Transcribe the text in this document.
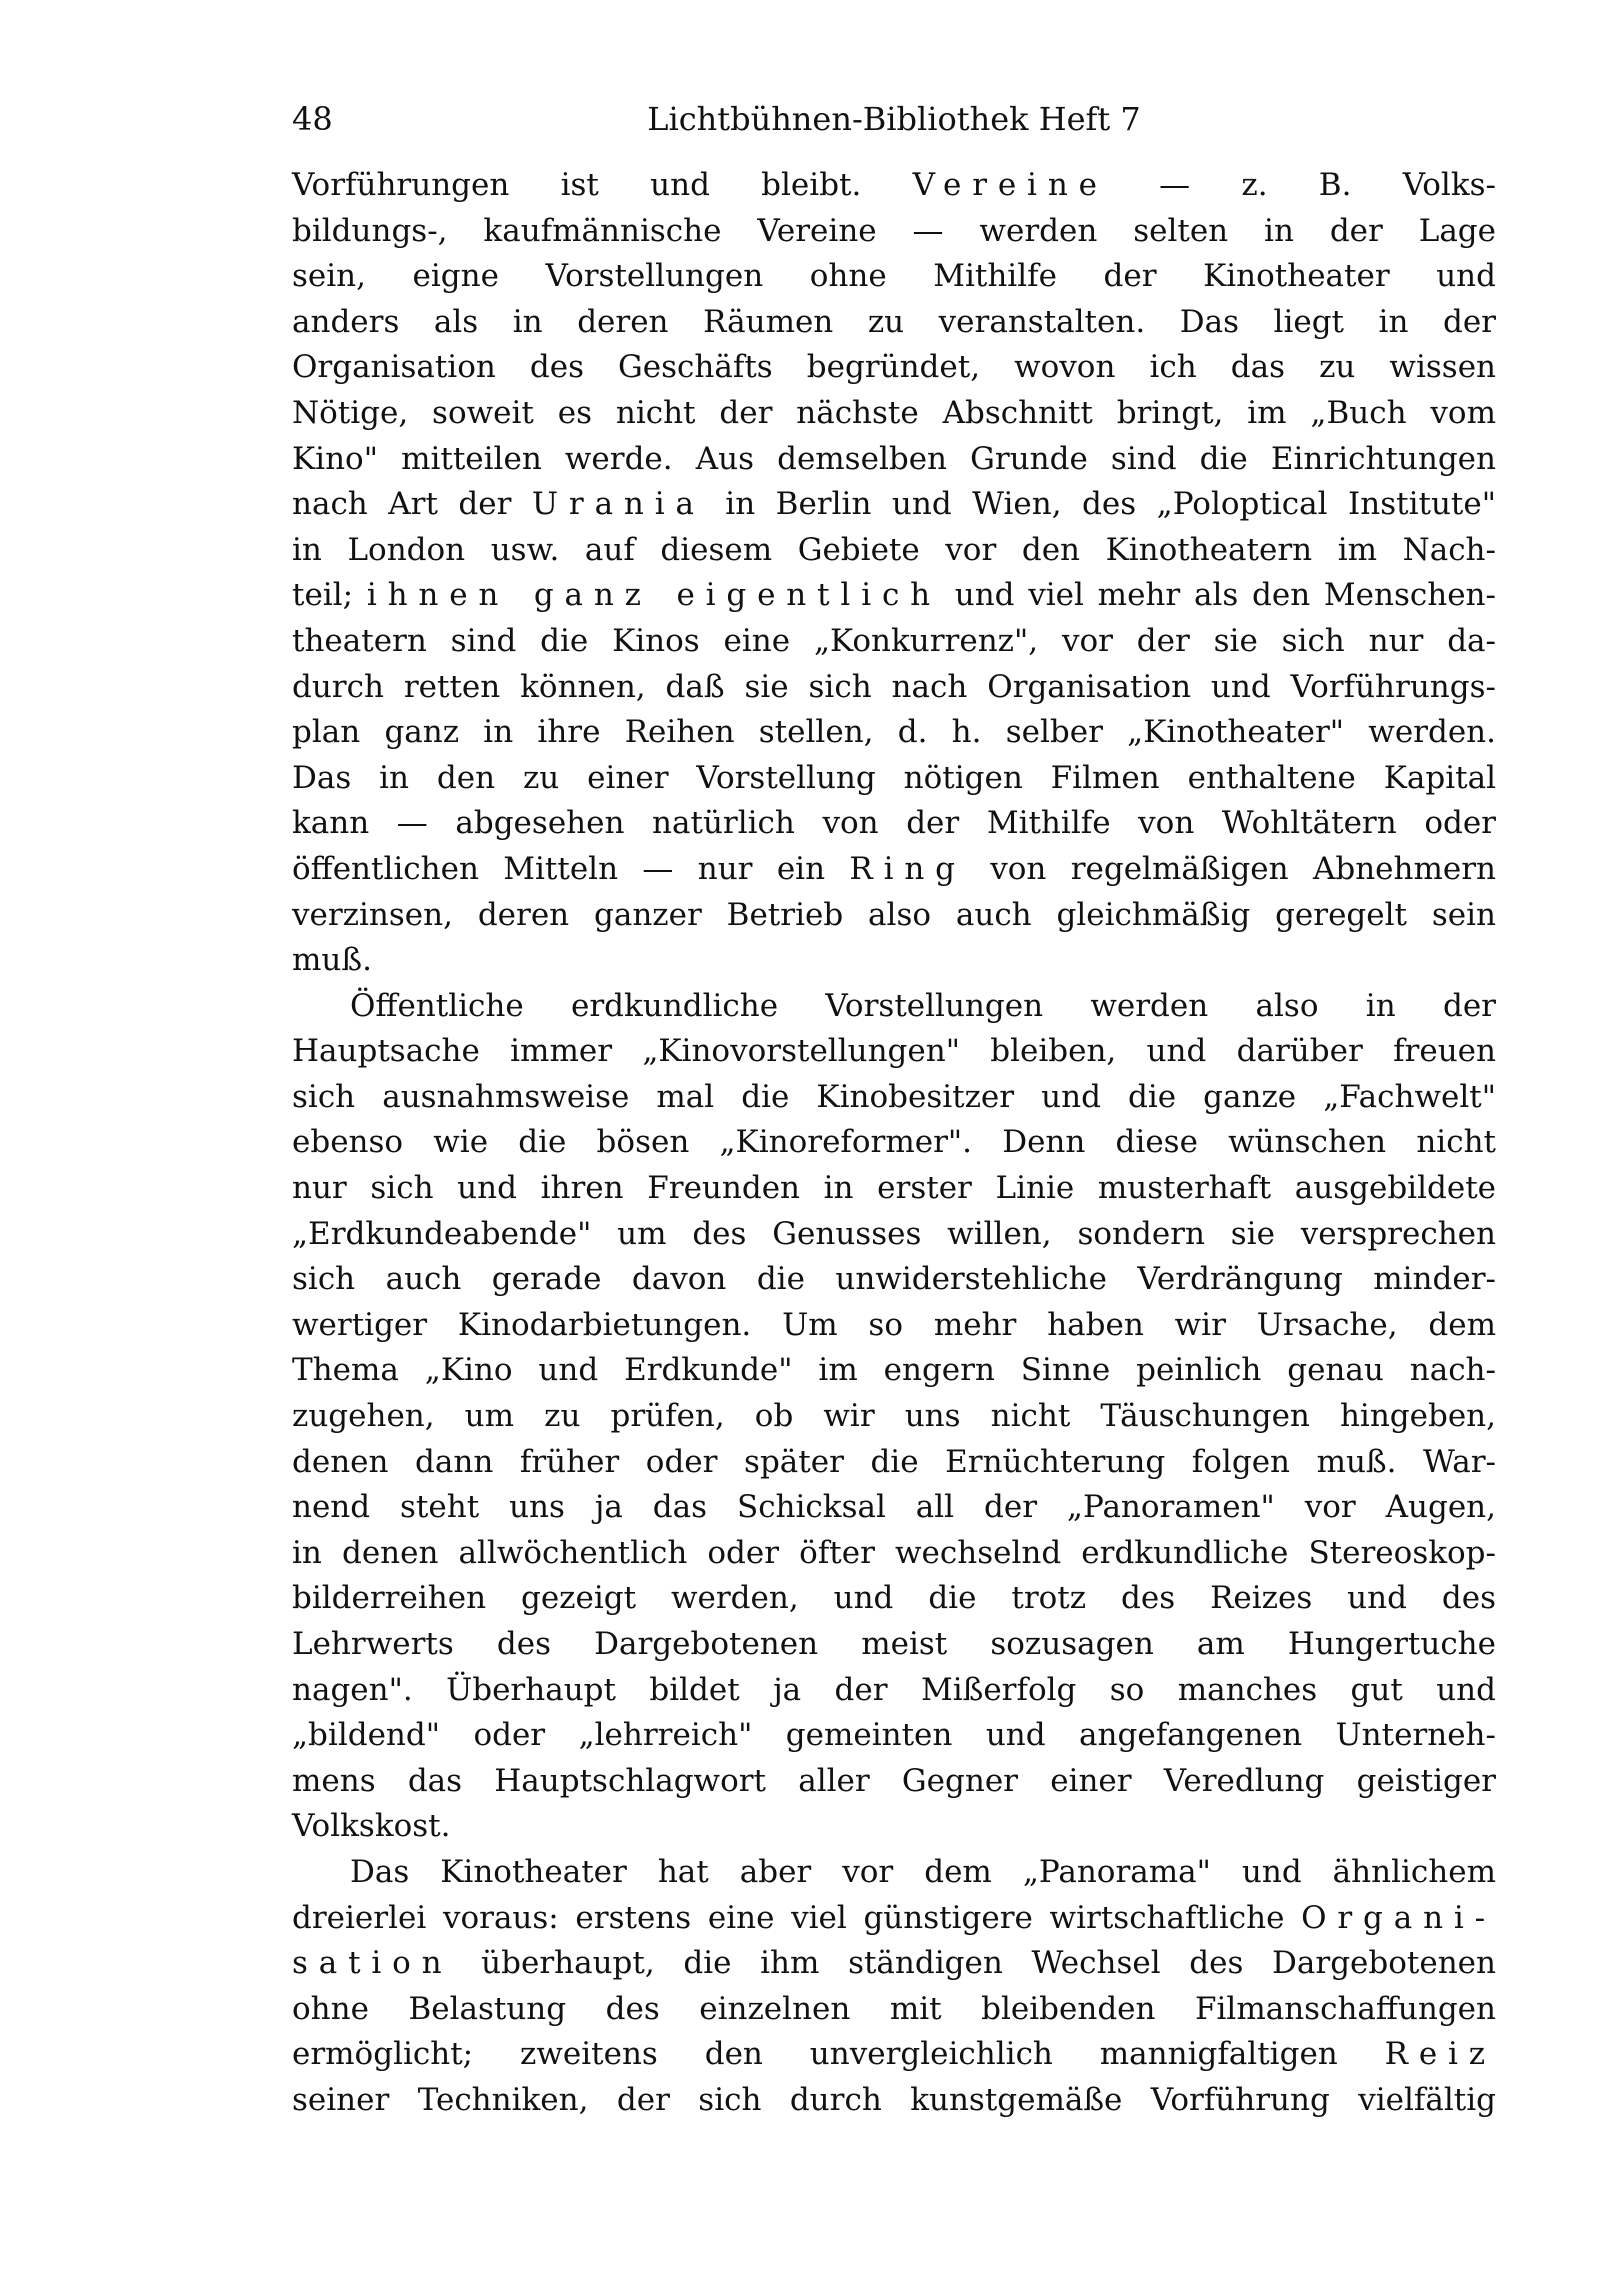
48	Lichtbühnen-Bibliothek Heft 7
Vorführungen ist und bleibt. Vereine — z. B. Volks-
bildungs-, kaufmännische Vereine — werden selten in der Lage
sein, eigne Vorstellungen ohne Mithilfe der Kinotheater und
anders als in deren Räumen zu veranstalten. Das liegt in der
Organisation des Geschäfts begründet, wovon ich das zu wissen
Nötige, soweit es nicht der nächste Abschnitt bringt, im „Buch vom
Kino" mitteilen werde. Aus demselben Grunde sind die Einrichtungen
nach Art der Urania in Berlin und Wien, des „Poloptical Institute"
in London usw. auf diesem Gebiete vor den Kinotheatern im Nach-
teil; ihnen ganz eigentlich und viel mehr als den Menschen-
theatern sind die Kinos eine „Konkurrenz", vor der sie sich nur da-
durch retten können, daß sie sich nach Organisation und Vorführungs-
plan ganz in ihre Reihen stellen, d. h. selber „Kinotheater" werden.
Das in den zu einer Vorstellung nötigen Filmen enthaltene Kapital
kann — abgesehen natürlich von der Mithilfe von Wohltätern oder
öffentlichen Mitteln — nur ein Ring von regelmäßigen Abnehmern
verzinsen, deren ganzer Betrieb also auch gleichmäßig geregelt sein
muß.
Öffentliche erdkundliche Vorstellungen werden also in der
Hauptsache immer „Kinovorstellungen" bleiben, und darüber freuen
sich ausnahmsweise mal die Kinobesitzer und die ganze „Fachwelt"
ebenso wie die bösen „Kinoreformer". Denn diese wünschen nicht
nur sich und ihren Freunden in erster Linie musterhaft ausgebildete
„Erdkundeabende" um des Genusses willen, sondern sie versprechen
sich auch gerade davon die unwiderstehliche Verdrängung minder-
wertiger Kinodarbietungen. Um so mehr haben wir Ursache, dem
Thema „Kino und Erdkunde" im engern Sinne peinlich genau nach-
zugehen, um zu prüfen, ob wir uns nicht Täuschungen hingeben,
denen dann früher oder später die Ernüchterung folgen muß. War-
nend steht uns ja das Schicksal all der „Panoramen" vor Augen,
in denen allwöchentlich oder öfter wechselnd erdkundliche Stereoskop-
bilderreihen gezeigt werden, und die trotz des Reizes und des
Lehrwerts des Dargebotenen meist sozusagen am Hungertuche
nagen". Überhaupt bildet ja der Mißerfolg so manches gut und
„bildend" oder „lehrreich" gemeinten und angefangenen Unterneh-
mens das Hauptschlagwort aller Gegner einer Veredlung geistiger
Volkskost.
Das Kinotheater hat aber vor dem „Panorama" und ähnlichem
dreierlei voraus: erstens eine viel günstigere wirtschaftliche Organi-
sation überhaupt, die ihm ständigen Wechsel des Dargebotenen
ohne Belastung des einzelnen mit bleibenden Filmanschaffungen
ermöglicht; zweitens den unvergleichlich mannigfaltigen Reiz
seiner Techniken, der sich durch kunstgemäße Vorführung vielfältig
